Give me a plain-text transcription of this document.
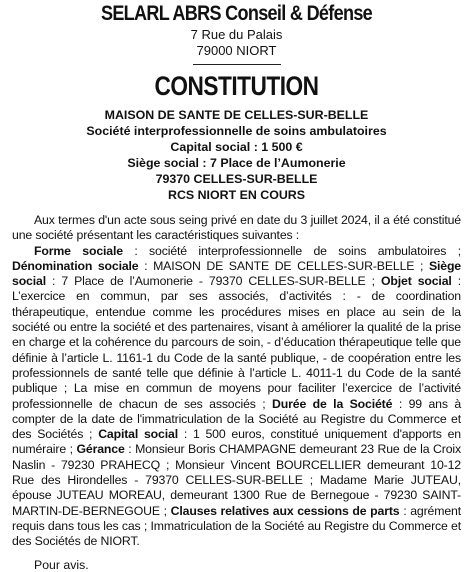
SELARL ABRS Conseil & Défense
7 Rue du Palais
79000 NIORT
CONSTITUTION
MAISON DE SANTE DE CELLES-SUR-BELLE
Société interprofessionnelle de soins ambulatoires
Capital social : 1 500 €
Siège social : 7 Place de l’Aumonerie
79370 CELLES-SUR-BELLE
RCS NIORT EN COURS

Aux termes d'un acte sous seing privé en date du 3 juillet 2024, il a été constitué une société présentant les caractéristiques suivantes :

Forme sociale : société interprofessionnelle de soins ambulatoires ; Dénomination sociale : MAISON DE SANTE DE CELLES-SUR-BELLE ; Siège social : 7 Place de l’Aumonerie - 79370 CELLES-SUR-BELLE ; Objet social : L’exercice en commun, par ses associés, d’activités : - de coordination thérapeutique, entendue comme les procédures mises en place au sein de la société ou entre la société et des partenaires, visant à améliorer la qualité de la prise en charge et la cohérence du parcours de soin, - d’éducation thérapeutique telle que définie à l’article L. 1161-1 du Code de la santé publique, - de coopération entre les professionnels de santé telle que définie à l’article L. 4011-1 du Code de la santé publique ; La mise en commun de moyens pour faciliter l’exercice de l’activité professionnelle de chacun de ses associés ; Durée de la Société : 99 ans à compter de la date de l'immatriculation de la Société au Registre du Commerce et des Sociétés ; Capital social : 1 500 euros, constitué uniquement d'apports en numéraire ; Gérance : Monsieur Boris CHAMPAGNE demeurant 23 Rue de la Croix Naslin - 79230 PRAHECQ ; Monsieur Vincent BOURCELLIER demeurant 10-12 Rue des Hirondelles - 79370 CELLES-SUR-BELLE ; Madame Marie JUTEAU, épouse JUTEAU MOREAU, demeurant 1300 Rue de Bernegoue - 79230 SAINT-MARTIN-DE-BERNEGOUE ; Clauses relatives aux cessions de parts : agrément requis dans tous les cas ; Immatriculation de la Société au Registre du Commerce et des Sociétés de NIORT.

Pour avis.
